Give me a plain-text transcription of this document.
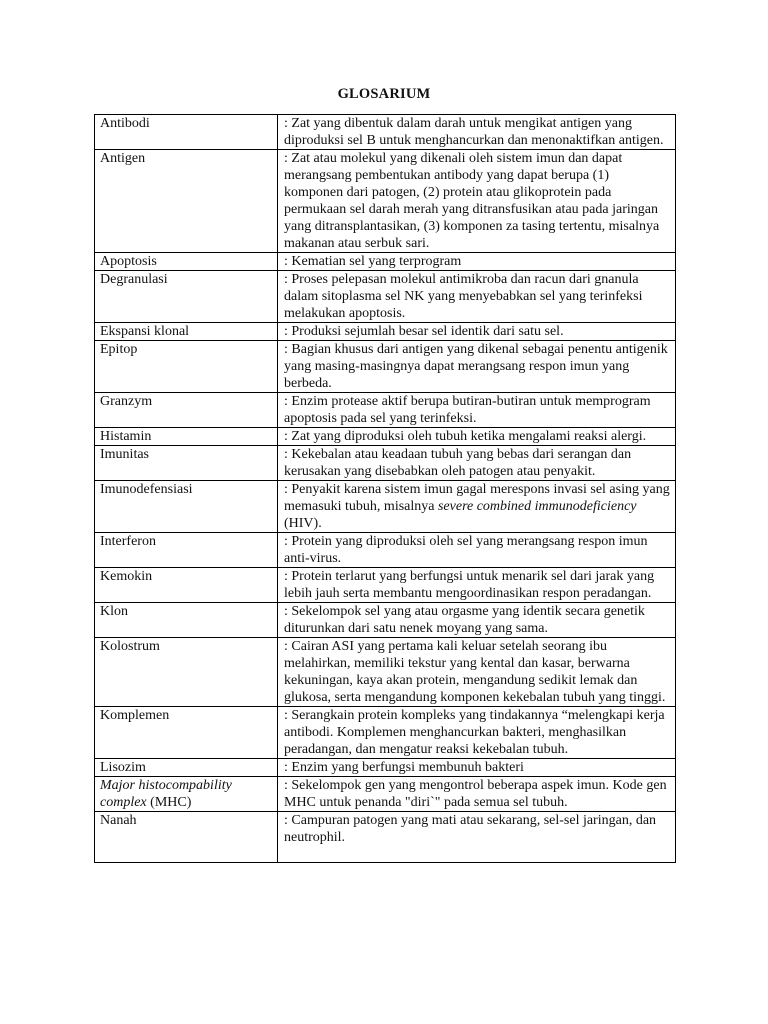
GLOSARIUM
Antibodi	: Zat yang dibentuk dalam darah untuk mengikat antigen yang diproduksi sel B untuk menghancurkan dan menonaktifkan antigen.
Antigen	: Zat atau molekul yang dikenali oleh sistem imun dan dapat merangsang pembentukan antibody yang dapat berupa (1) komponen dari patogen, (2) protein atau glikoprotein pada permukaan sel darah merah yang ditransfusikan atau pada jaringan yang ditransplantasikan, (3) komponen za tasing tertentu, misalnya makanan atau serbuk sari.
Apoptosis	: Kematian sel yang terprogram
Degranulasi	: Proses pelepasan molekul antimikroba dan racun dari gnanula dalam sitoplasma sel NK yang menyebabkan sel yang terinfeksi melakukan apoptosis.
Ekspansi klonal	: Produksi sejumlah besar sel identik dari satu sel.
Epitop	: Bagian khusus dari antigen yang dikenal sebagai penentu antigenik yang masing-masingnya dapat merangsang respon imun yang berbeda.
Granzym	: Enzim protease aktif berupa butiran-butiran untuk memprogram apoptosis pada sel yang terinfeksi.
Histamin	: Zat yang diproduksi oleh tubuh ketika mengalami reaksi alergi.
Imunitas	: Kekebalan atau keadaan tubuh yang bebas dari serangan dan kerusakan yang disebabkan oleh patogen atau penyakit.
Imunodefensiasi	: Penyakit karena sistem imun gagal merespons invasi sel asing yang memasuki tubuh, misalnya severe combined immunodeficiency (HIV).
Interferon	: Protein yang diproduksi oleh sel yang merangsang respon imun anti-virus.
Kemokin	: Protein terlarut yang berfungsi untuk menarik sel dari jarak yang lebih jauh serta membantu mengoordinasikan respon peradangan.
Klon	: Sekelompok sel yang atau orgasme yang identik secara genetik diturunkan dari satu nenek moyang yang sama.
Kolostrum	: Cairan ASI yang pertama kali keluar setelah seorang ibu melahirkan, memiliki tekstur yang kental dan kasar, berwarna kekuningan, kaya akan protein, mengandung sedikit lemak dan glukosa, serta mengandung komponen kekebalan tubuh yang tinggi.
Komplemen	: Serangkain protein kompleks yang tindakannya “melengkapi kerja antibodi. Komplemen menghancurkan bakteri, menghasilkan peradangan, dan mengatur reaksi kekebalan tubuh.
Lisozim	: Enzim yang berfungsi membunuh bakteri
Major histocompability complex (MHC)	: Sekelompok gen yang mengontrol beberapa aspek imun. Kode gen MHC untuk penanda "diri`" pada semua sel tubuh.
Nanah	: Campuran patogen yang mati atau sekarang, sel-sel jaringan, dan neutrophil.
